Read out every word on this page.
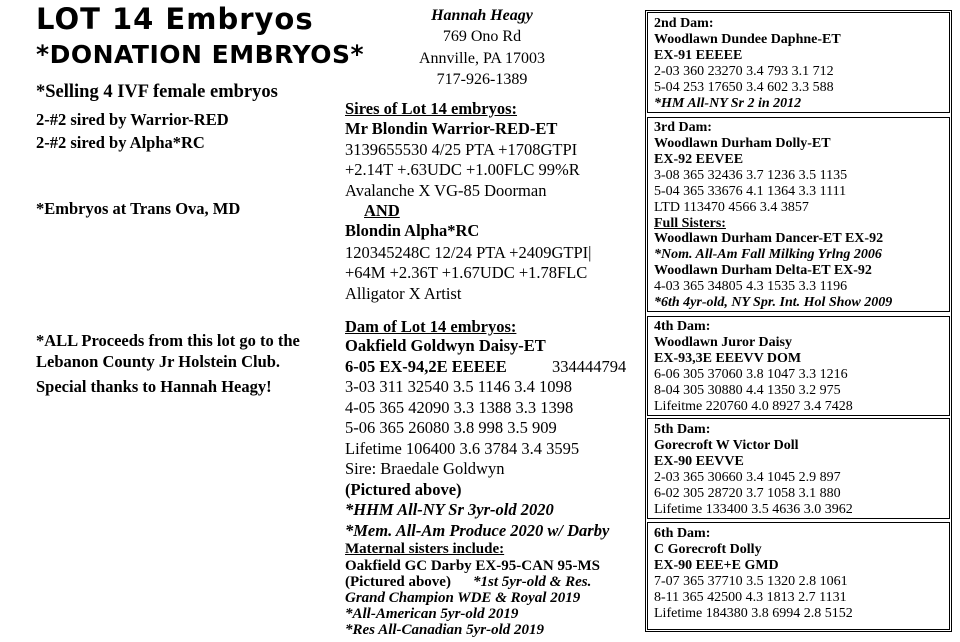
LOT 14 Embryos
*DONATION EMBRYOS*
*Selling 4 IVF female embryos
2-#2 sired by Warrior-RED
2-#2 sired by Alpha*RC
*Embryos at Trans Ova, MD
*ALL Proceeds from this lot go to the
Lebanon County Jr Holstein Club.
Special thanks to Hannah Heagy!
Hannah Heagy
769 Ono Rd
Annville, PA 17003
717-926-1389
Sires of Lot 14 embryos:
Mr Blondin Warrior-RED-ET
3139655530 4/25 PTA +1708GTPI
+2.14T +.63UDC +1.00FLC 99%R
Avalanche X VG-85 Doorman
AND
Blondin Alpha*RC
120345248C 12/24 PTA +2409GTPI|
+64M +2.36T +1.67UDC +1.78FLC
Alligator X Artist
Dam of Lot 14 embryos:
Oakfield Goldwyn Daisy-ET
6-05 EX-94,2E EEEEE	334444794
3-03 311 32540 3.5 1146 3.4 1098
4-05 365 42090 3.3 1388 3.3 1398
5-06 365 26080 3.8 998 3.5 909
Lifetime 106400 3.6 3784 3.4 3595
Sire: Braedale Goldwyn
(Pictured above)
*HHM All-NY Sr 3yr-old 2020
*Mem. All-Am Produce 2020 w/ Darby
Maternal sisters include:
Oakfield GC Darby EX-95-CAN 95-MS
(Pictured above) *1st 5yr-old & Res.
Grand Champion WDE & Royal 2019
*All-American 5yr-old 2019
*Res All-Canadian 5yr-old 2019
2nd Dam:
Woodlawn Dundee Daphne-ET
EX-91 EEEEE
2-03 360 23270 3.4 793 3.1 712
5-04 253 17650 3.4 602 3.3 588
*HM All-NY Sr 2 in 2012
3rd Dam:
Woodlawn Durham Dolly-ET
EX-92 EEVEE
3-08 365 32436 3.7 1236 3.5 1135
5-04 365 33676 4.1 1364 3.3 1111
LTD 113470 4566 3.4 3857
Full Sisters:
Woodlawn Durham Dancer-ET EX-92
*Nom. All-Am Fall Milking Yrlng 2006
Woodlawn Durham Delta-ET EX-92
4-03 365 34805 4.3 1535 3.3 1196
*6th 4yr-old, NY Spr. Int. Hol Show 2009
4th Dam:
Woodlawn Juror Daisy
EX-93,3E EEEVV DOM
6-06 305 37060 3.8 1047 3.3 1216
8-04 305 30880 4.4 1350 3.2 975
Lifeitme 220760 4.0 8927 3.4 7428
5th Dam:
Gorecroft W Victor Doll
EX-90 EEVVE
2-03 365 30660 3.4 1045 2.9 897
6-02 305 28720 3.7 1058 3.1 880
Lifetime 133400 3.5 4636 3.0 3962
6th Dam:
C Gorecroft Dolly
EX-90 EEE+E GMD
7-07 365 37710 3.5 1320 2.8 1061
8-11 365 42500 4.3 1813 2.7 1131
Lifetime 184380 3.8 6994 2.8 5152
